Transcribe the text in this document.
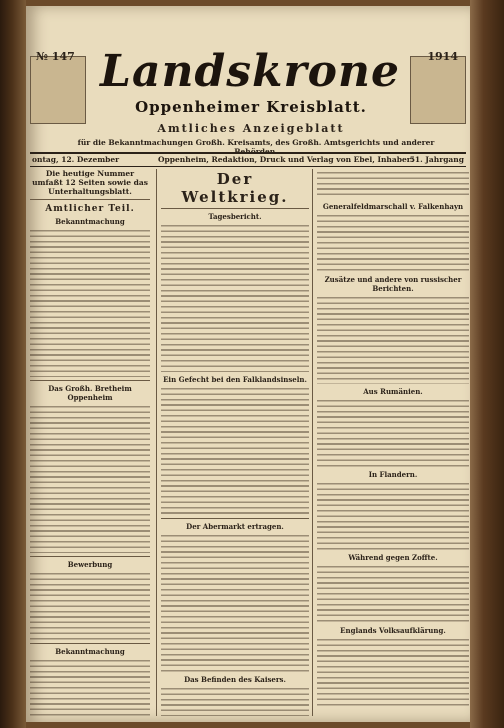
№ 147	1914
Landskrone
Oppenheimer Kreisblatt.
Amtliches Anzeigeblatt
für die Bekanntmachungen Großh. Kreisamts, des Großh. Amtsgerichts und anderer Behörden.
ontag, 12. Dezember	Oppenheim, Redaktion, Druck und Verlag von Ebel, Inhaber:
51. Jahrgang
Die heutige Nummer umfaßt 12 Seiten sowie das Unterhaltungsblatt.
Amtlicher Teil.
Bekanntmachung
Das Großh. Bretheim Oppenheim
Bewerbung
Bekanntmachung
Der Weltkrieg.
Tagesbericht.
Ein Gefecht bei den Falklandsinseln.
Der Abermarkt ertragen.
Das Befinden des Kaisers.
Generalfeldmarschall v. Falkenhayn
Zusätze und andere von russischer Berichten.
Aus Rumänien.
In Flandern.
Während gegen Zoffte.
Englands Volksaufklärung.
